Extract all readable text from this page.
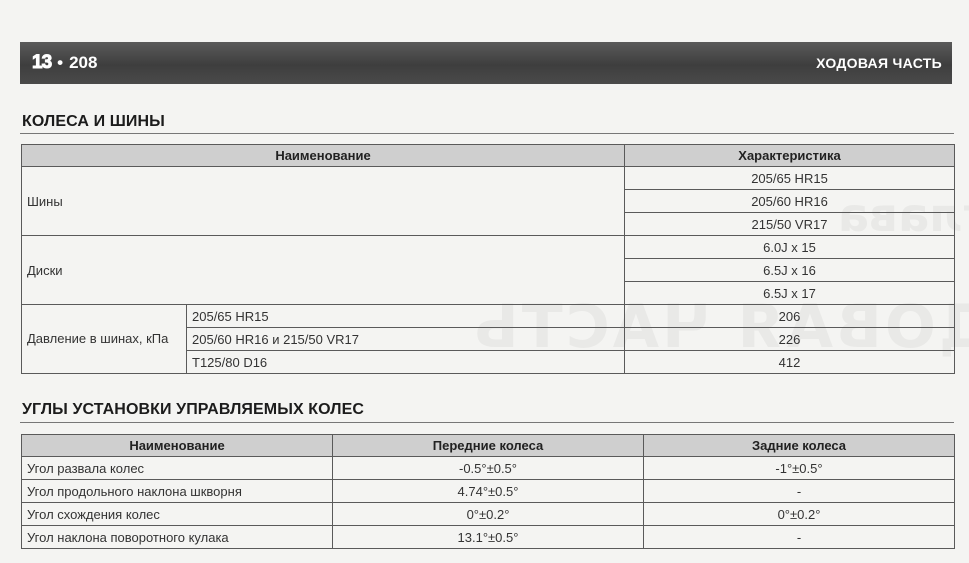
13 • 208	ХОДОВАЯ ЧАСТЬ
КОЛЕСА И ШИНЫ
Наименование		Характеристика
Шины		205/65 HR15
		205/60 HR16
		215/50 VR17
Диски		6.0J x 15
		6.5J x 16
		6.5J x 17
Давление в шинах, кПа	205/65 HR15	206
	205/60 HR16 и 215/50 VR17	226
	T125/80 D16	412
УГЛЫ УСТАНОВКИ УПРАВЛЯЕМЫХ КОЛЕС
Наименование	Передние колеса	Задние колеса
Угол развала колес	-0.5°±0.5°	-1°±0.5°
Угол продольного наклона шкворня	4.74°±0.5°	-
Угол схождения колес	0°±0.2°	0°±0.2°
Угол наклона поворотного кулака	13.1°±0.5°	-
